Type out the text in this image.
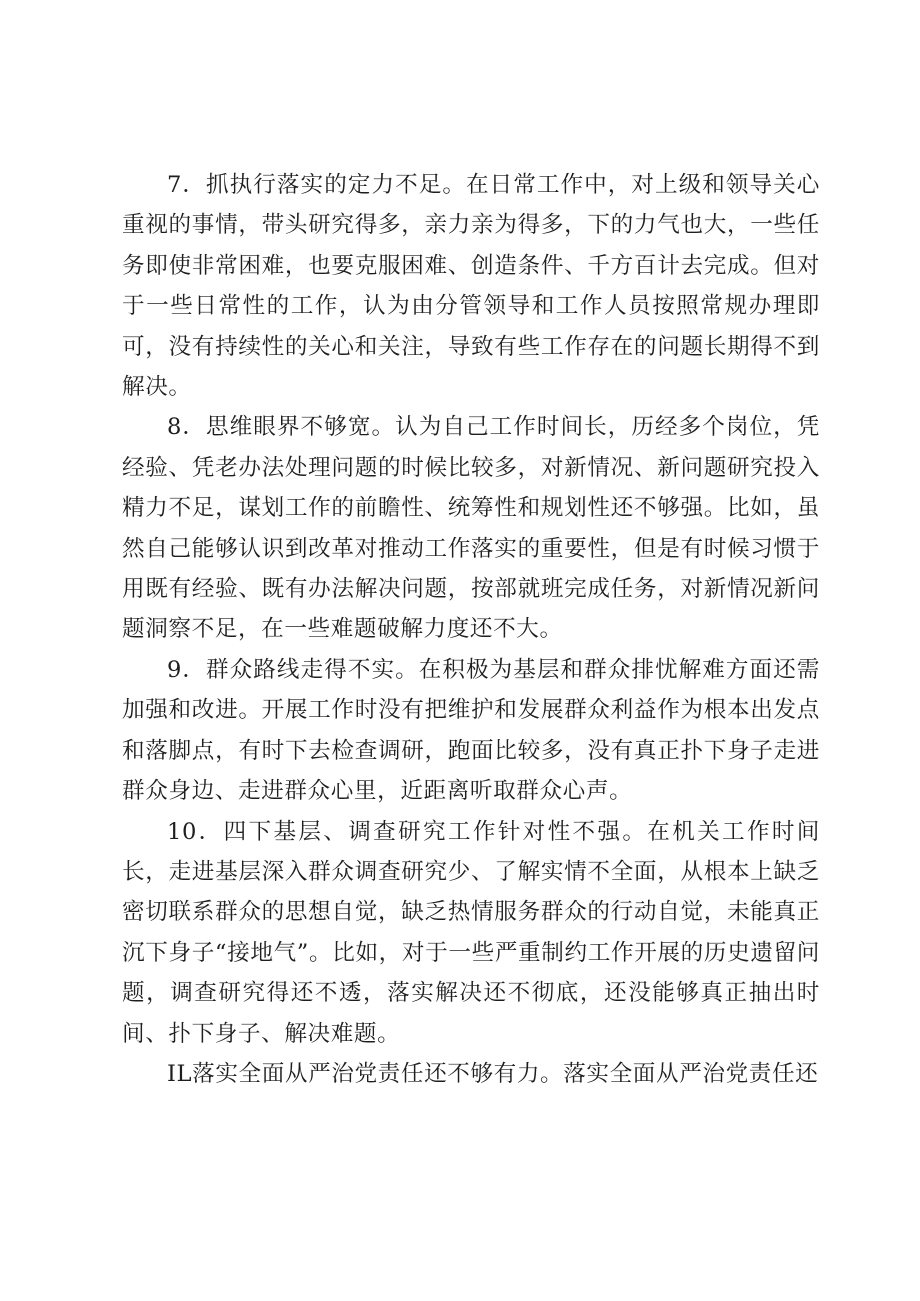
7．抓执行落实的定力不足。在日常工作中，对上级和领导关心重视的事情，带头研究得多，亲力亲为得多，下的力气也大，一些任务即使非常困难，也要克服困难、创造条件、千方百计去完成。但对于一些日常性的工作，认为由分管领导和工作人员按照常规办理即可，没有持续性的关心和关注，导致有些工作存在的问题长期得不到解决。

8．思维眼界不够宽。认为自己工作时间长，历经多个岗位，凭经验、凭老办法处理问题的时候比较多，对新情况、新问题研究投入精力不足，谋划工作的前瞻性、统筹性和规划性还不够强。比如，虽然自己能够认识到改革对推动工作落实的重要性，但是有时候习惯于用既有经验、既有办法解决问题，按部就班完成任务，对新情况新问题洞察不足，在一些难题破解力度还不大。

9．群众路线走得不实。在积极为基层和群众排忧解难方面还需加强和改进。开展工作时没有把维护和发展群众利益作为根本出发点和落脚点，有时下去检查调研，跑面比较多，没有真正扑下身子走进群众身边、走进群众心里，近距离听取群众心声。

10．四下基层、调查研究工作针对性不强。在机关工作时间长，走进基层深入群众调查研究少、了解实情不全面，从根本上缺乏密切联系群众的思想自觉，缺乏热情服务群众的行动自觉，未能真正沉下身子“接地气”。比如，对于一些严重制约工作开展的历史遗留问题，调查研究得还不透，落实解决还不彻底，还没能够真正抽出时间、扑下身子、解决难题。

IL落实全面从严治党责任还不够有力。落实全面从严治党责任还
